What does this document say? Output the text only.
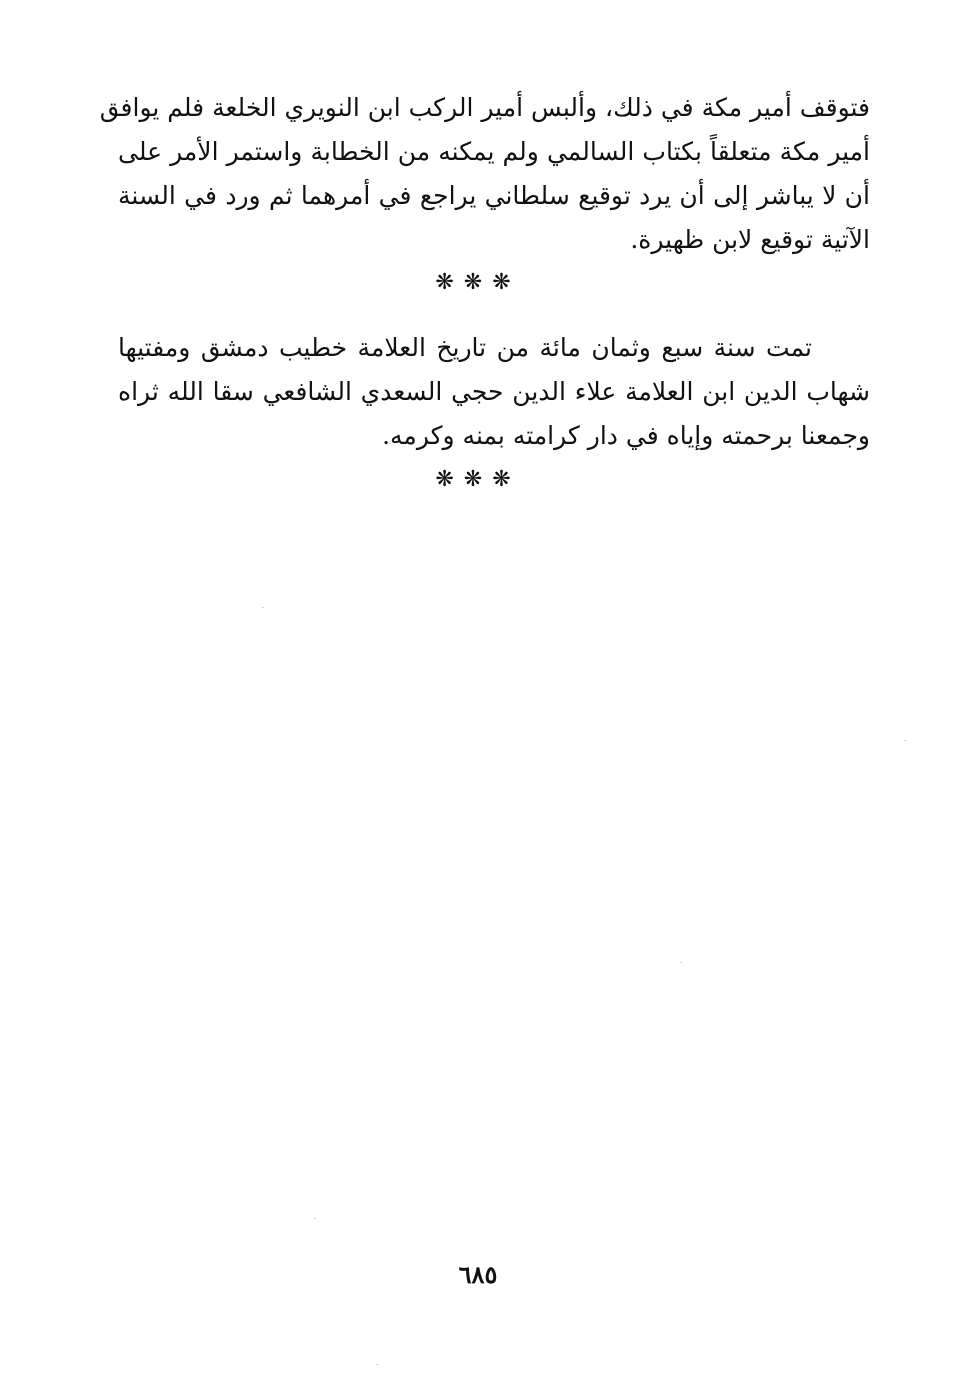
فتوقف أمير مكة في ذلك، وألبس أمير الركب ابن النويري الخلعة فلم يوافق
أمير مكة متعلقاً بكتاب السالمي ولم يمكنه من الخطابة واستمر الأمر على
أن لا يباشر إلى أن يرد توقيع سلطاني يراجع في أمرهما ثم ورد في السنة
الآتية توقيع لابن ظهيرة.
❋❋❋
تمت سنة سبع وثمان مائة من تاريخ العلامة خطيب دمشق ومفتيها
شهاب الدين ابن العلامة علاء الدين حجي السعدي الشافعي سقا الله ثراه
وجمعنا برحمته وإياه في دار كرامته بمنه وكرمه.
❋❋❋
٦٨٥
